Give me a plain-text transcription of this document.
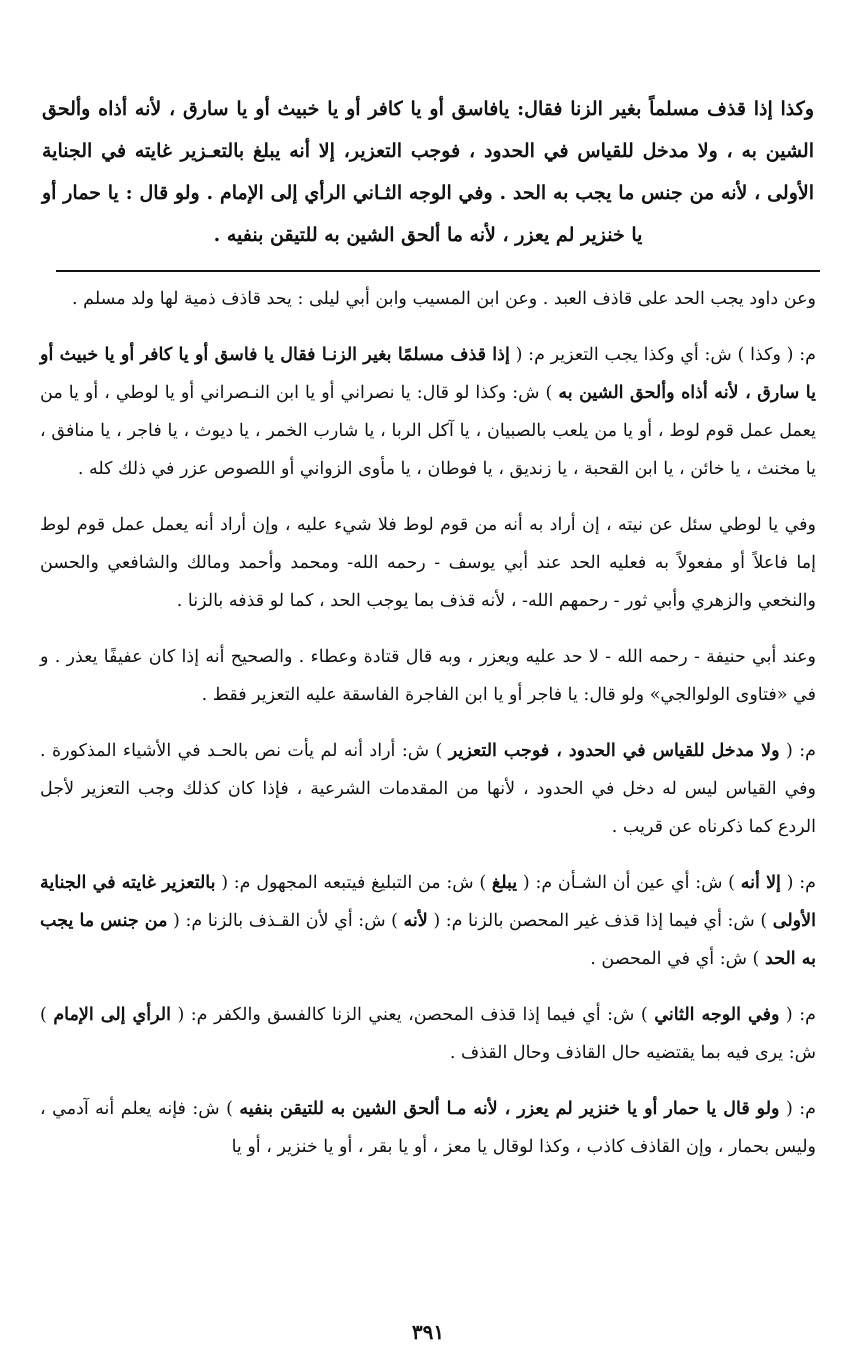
وكذا إذا قذف مسلماً بغير الزنا فقال: يافاسق أو يا كافر أو يا خبيث أو يا سارق ، لأنه أذاه وألحق الشين به ، ولا مدخل للقياس في الحدود ، فوجب التعزير، إلا أنه يبلغ بالتعـزير غايته في الجناية الأولى ، لأنه من جنس ما يجب به الحد . وفي الوجه الثـاني الرأي إلى الإمام . ولو قال : يا حمار أو يا خنزير لم يعزر ، لأنه ما ألحق الشين به للتيقن بنفيه .

وعن داود يجب الحد على قاذف العبد . وعن ابن المسيب وابن أبي ليلى : يحد قاذف ذمية لها ولد مسلم .

م: ( وكذا ) ش: أي وكذا يجب التعزير م: ( إذا قذف مسلمًا بغير الزنـا فقال يا فاسق أو يا كافر أو يا خبيث أو يا سارق ، لأنه أذاه وألحق الشين به ) ش: وكذا لو قال: يا نصراني أو يا ابن النـصراني أو يا لوطي ، أو يا من يعمل عمل قوم لوط ، أو يا من يلعب بالصبيان ، يا آكل الربا ، يا شارب الخمر ، يا ديوث ، يا فاجر ، يا منافق ، يا مخنث ، يا خائن ، يا ابن القحبة ، يا زنديق ، يا فوطان ، يا مأوى الزواني أو اللصوص عزر في ذلك كله .

وفي يا لوطي سئل عن نيته ، إن أراد به أنه من قوم لوط فلا شيء عليه ، وإن أراد أنه يعمل عمل قوم لوط إما فاعلاً أو مفعولاً به فعليه الحد عند أبي يوسف - رحمه الله- ومحمد وأحمد ومالك والشافعي والحسن والنخعي والزهري وأبي ثور - رحمهم الله- ، لأنه قذف بما يوجب الحد ، كما لو قذفه بالزنا .

وعند أبي حنيفة - رحمه الله - لا حد عليه ويعزر ، وبه قال قتادة وعطاء . والصحيح أنه إذا كان عفيفًا يعذر . و في «فتاوى الولوالجي» ولو قال: يا فاجر أو يا ابن الفاجرة الفاسقة عليه التعزير فقط .

م: ( ولا مدخل للقياس في الحدود ، فوجب التعزير ) ش: أراد أنه لم يأت نص بالحـد في الأشياء المذكورة . وفي القياس ليس له دخل في الحدود ، لأنها من المقدمات الشرعية ، فإذا كان كذلك وجب التعزير لأجل الردع كما ذكرناه عن قريب .

م: ( إلا أنه ) ش: أي عين أن الشـأن م: ( يبلغ ) ش: من التبليغ فيتبعه المجهول م: ( بالتعزير غايته في الجناية الأولى ) ش: أي فيما إذا قذف غير المحصن بالزنا م: ( لأنه ) ش: أي لأن القـذف بالزنا م: ( من جنس ما يجب به الحد ) ش: أي في المحصن .

م: ( وفي الوجه الثاني ) ش: أي فيما إذا قذف المحصن، يعني الزنا كالفسق والكفر م: ( الرأي إلى الإمام ) ش: يرى فيه بما يقتضيه حال القاذف وحال القذف .

م: ( ولو قال يا حمار أو يا خنزير لم يعزر ، لأنه مـا ألحق الشين به للتيقن بنفيه ) ش: فإنه يعلم أنه آدمي ، وليس بحمار ، وإن القاذف كاذب ، وكذا لوقال يا معز ، أو يا بقر ، أو يا خنزير ، أو يا

٣٩١
